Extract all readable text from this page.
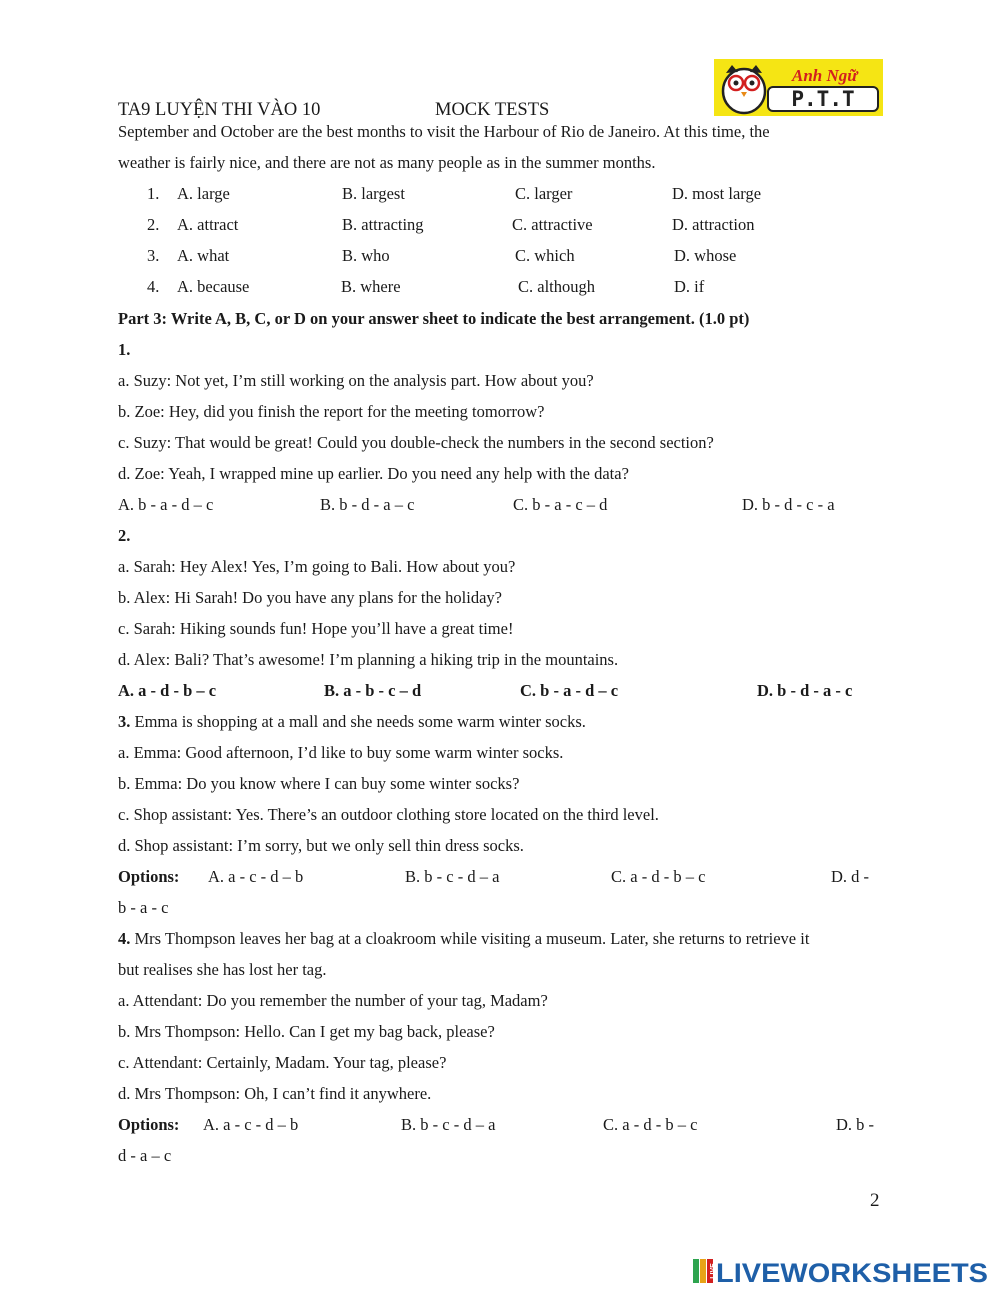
TA9 LUYỆN THI VÀO 10	MOCK TESTS
Anh Ngữ
P.T.T
September and October are the best months to visit the Harbour of Rio de Janeiro. At this time, the
weather is fairly nice, and there are not as many people as in the summer months.
1. A. large	B. largest	C. larger	D. most large
2. A. attract	B. attracting	C. attractive	D. attraction
3. A. what	B. who	C. which	D. whose
4. A. because	B. where	C. although	D. if
Part 3: Write A, B, C, or D on your answer sheet to indicate the best arrangement. (1.0 pt)
1.
a. Suzy: Not yet, I’m still working on the analysis part. How about you?
b. Zoe: Hey, did you finish the report for the meeting tomorrow?
c. Suzy: That would be great! Could you double-check the numbers in the second section?
d. Zoe: Yeah, I wrapped mine up earlier. Do you need any help with the data?
A. b - a - d – c	B. b - d - a – c	C. b - a - c – d	D. b - d - c - a
2.
a. Sarah: Hey Alex! Yes, I’m going to Bali. How about you?
b. Alex: Hi Sarah! Do you have any plans for the holiday?
c. Sarah: Hiking sounds fun! Hope you’ll have a great time!
d. Alex: Bali? That’s awesome! I’m planning a hiking trip in the mountains.
A. a - d - b – c	B. a - b - c – d	C. b - a - d – c	D. b - d - a - c
3. Emma is shopping at a mall and she needs some warm winter socks.
a. Emma: Good afternoon, I’d like to buy some warm winter socks.
b. Emma: Do you know where I can buy some winter socks?
c. Shop assistant: Yes. There’s an outdoor clothing store located on the third level.
d. Shop assistant: I’m sorry, but we only sell thin dress socks.
Options: A. a - c - d – b	B. b - c - d – a	C. a - d - b – c	D. d -
b - a - c
4. Mrs Thompson leaves her bag at a cloakroom while visiting a museum. Later, she returns to retrieve it
but realises she has lost her tag.
a. Attendant: Do you remember the number of your tag, Madam?
b. Mrs Thompson: Hello. Can I get my bag back, please?
c. Attendant: Certainly, Madam. Your tag, please?
d. Mrs Thompson: Oh, I can’t find it anywhere.
Options: A. a - c - d – b	B. b - c - d – a	C. a - d - b – c	D. b -
d - a – c
2
LIVE LIVEWORKSHEETS
